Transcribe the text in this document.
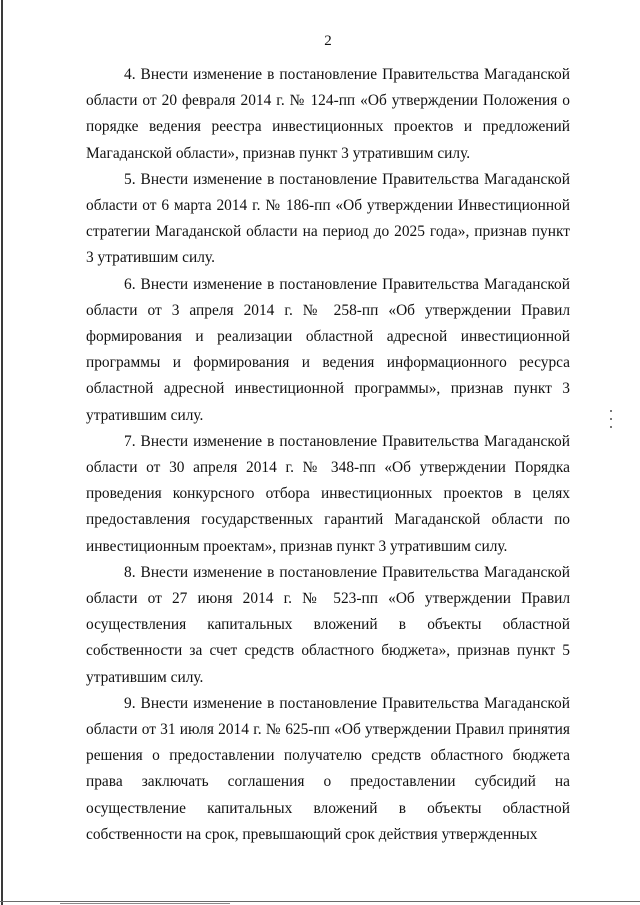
2

4. Внести изменение в постановление Правительства Магаданской области от 20 февраля 2014 г. № 124-пп «Об утверждении Положения о порядке ведения реестра инвестиционных проектов и предложений Магаданской области», признав пункт 3 утратившим силу.

5. Внести изменение в постановление Правительства Магаданской области от 6 марта 2014 г. № 186-пп «Об утверждении Инвестиционной стратегии Магаданской области на период до 2025 года», признав пункт 3 утратившим силу.

6. Внести изменение в постановление Правительства Магаданской области от 3 апреля 2014 г. № 258-пп «Об утверждении Правил формирования и реализации областной адресной инвестиционной программы и формирования и ведения информационного ресурса областной адресной инвестиционной программы», признав пункт 3 утратившим силу.

7. Внести изменение в постановление Правительства Магаданской области от 30 апреля 2014 г. № 348-пп «Об утверждении Порядка проведения конкурсного отбора инвестиционных проектов в целях предоставления государственных гарантий Магаданской области по инвестиционным проектам», признав пункт 3 утратившим силу.

8. Внести изменение в постановление Правительства Магаданской области от 27 июня 2014 г. № 523-пп «Об утверждении Правил осуществления капитальных вложений в объекты областной собственности за счет средств областного бюджета», признав пункт 5 утратившим силу.

9. Внести изменение в постановление Правительства Магаданской области от 31 июля 2014 г. № 625-пп «Об утверждении Правил принятия решения о предоставлении получателю средств областного бюджета права заключать соглашения о предоставлении субсидий на осуществление капитальных вложений в объекты областной собственности на срок, превышающий срок действия утвержденных
